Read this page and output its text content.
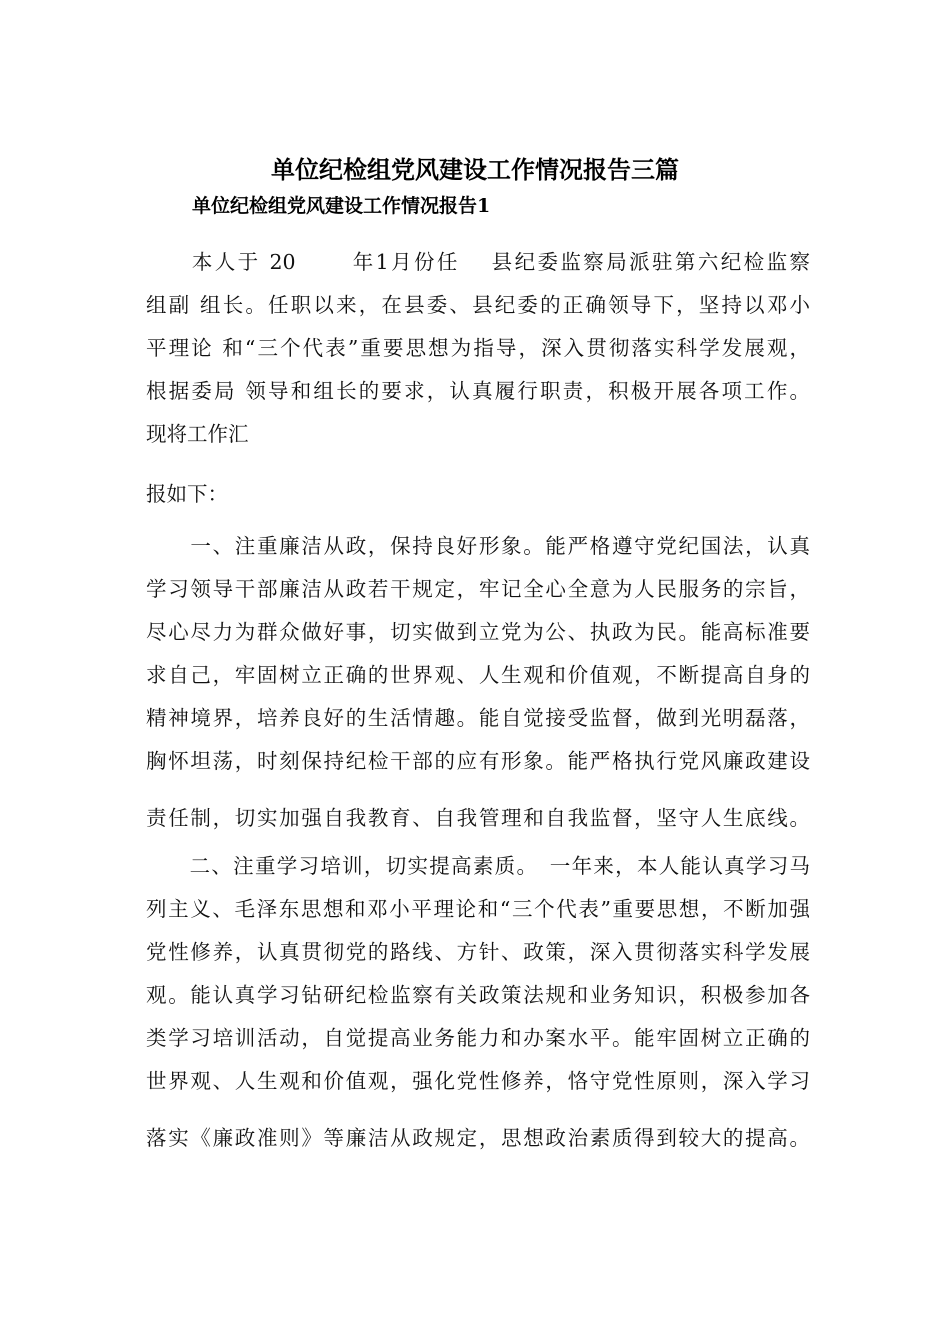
单位纪检组党风建设工作情况报告三篇
单位纪检组党风建设工作情况报告1
　　本人于 20　　 年1月份任　 县纪委监察局派驻第六纪检监察
组副 组长。任职以来，在县委、县纪委的正确领导下，坚持以邓小
平理论 和“三个代表”重要思想为指导，深入贯彻落实科学发展观，
根据委局 领导和组长的要求，认真履行职责，积极开展各项工作。
现将工作汇
报如下：
　　一、注重廉洁从政，保持良好形象。能严格遵守党纪国法，认真
学习领导干部廉洁从政若干规定，牢记全心全意为人民服务的宗旨，
尽心尽力为群众做好事，切实做到立党为公、执政为民。能高标准要
求自己，牢固树立正确的世界观、人生观和价值观，不断提高自身的
精神境界，培养良好的生活情趣。能自觉接受监督，做到光明磊落，
胸怀坦荡，时刻保持纪检干部的应有形象。能严格执行党风廉政建设
责任制，切实加强自我教育、自我管理和自我监督，坚守人生底线。
　　二、注重学习培训，切实提高素质。　一年来，本人能认真学习马
列主义、毛泽东思想和邓小平理论和“三个代表”重要思想，不断加强
党性修养，认真贯彻党的路线、方针、政策，深入贯彻落实科学发展
观。能认真学习钻研纪检监察有关政策法规和业务知识，积极参加各
类学习培训活动，自觉提高业务能力和办案水平。能牢固树立正确的
世界观、人生观和价值观，强化党性修养，恪守党性原则，深入学习
落实《廉政准则》等廉洁从政规定，思想政治素质得到较大的提高。
